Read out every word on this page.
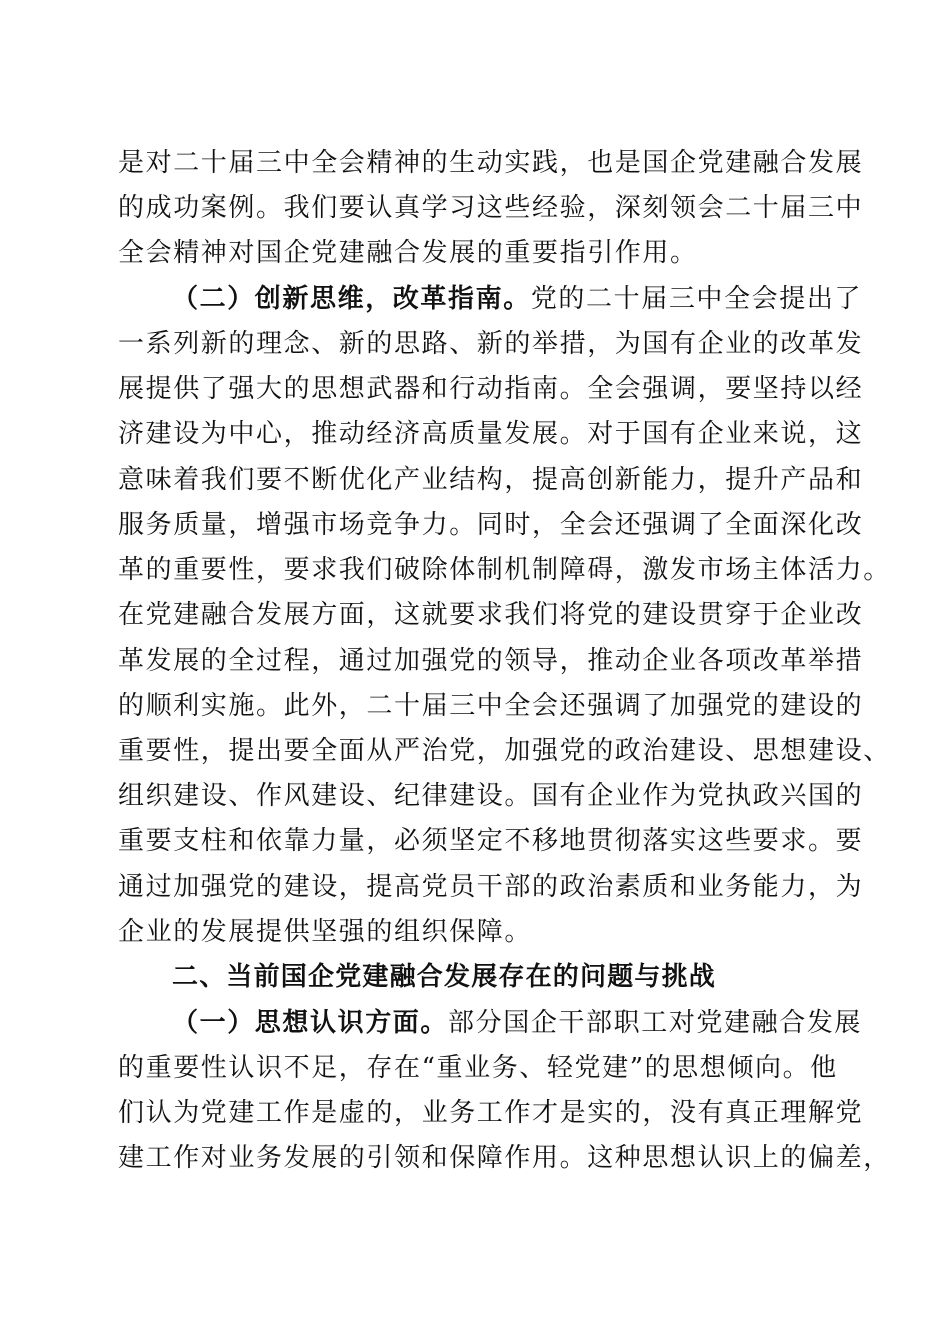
是对二十届三中全会精神的生动实践，也是国企党建融合发展
的成功案例。我们要认真学习这些经验，深刻领会二十届三中
全会精神对国企党建融合发展的重要指引作用。
（二）创新思维，改革指南。党的二十届三中全会提出了
一系列新的理念、新的思路、新的举措，为国有企业的改革发
展提供了强大的思想武器和行动指南。全会强调，要坚持以经
济建设为中心，推动经济高质量发展。对于国有企业来说，这
意味着我们要不断优化产业结构，提高创新能力，提升产品和
服务质量，增强市场竞争力。同时，全会还强调了全面深化改
革的重要性，要求我们破除体制机制障碍，激发市场主体活力。
在党建融合发展方面，这就要求我们将党的建设贯穿于企业改
革发展的全过程，通过加强党的领导，推动企业各项改革举措
的顺利实施。此外，二十届三中全会还强调了加强党的建设的
重要性，提出要全面从严治党，加强党的政治建设、思想建设、
组织建设、作风建设、纪律建设。国有企业作为党执政兴国的
重要支柱和依靠力量，必须坚定不移地贯彻落实这些要求。要
通过加强党的建设，提高党员干部的政治素质和业务能力，为
企业的发展提供坚强的组织保障。
二、当前国企党建融合发展存在的问题与挑战
（一）思想认识方面。部分国企干部职工对党建融合发展
的重要性认识不足，存在“重业务、轻党建”的思想倾向。他
们认为党建工作是虚的，业务工作才是实的，没有真正理解党
建工作对业务发展的引领和保障作用。这种思想认识上的偏差，
